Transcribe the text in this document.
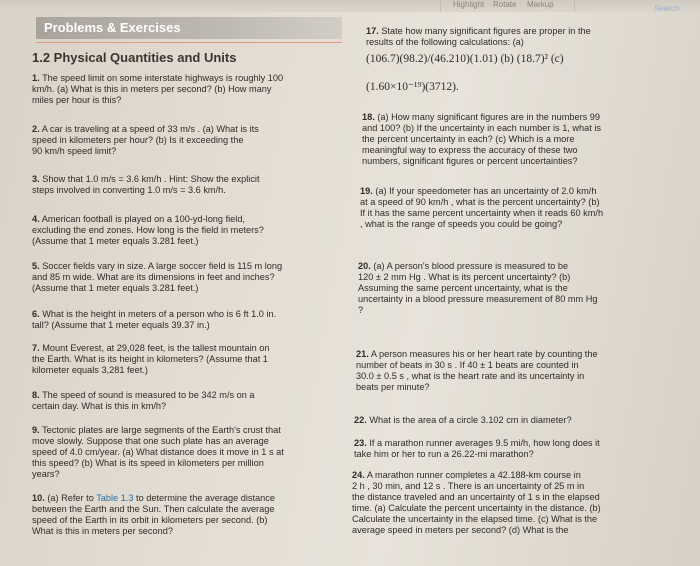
Highlight Rotate Markup	Search
Problems & Exercises
1.2 Physical Quantities and Units
1. The speed limit on some interstate highways is roughly 100
km/h. (a) What is this in meters per second? (b) How many
miles per hour is this?
2. A car is traveling at a speed of 33 m/s . (a) What is its
speed in kilometers per hour? (b) Is it exceeding the
90 km/h speed limit?
3. Show that 1.0 m/s = 3.6 km/h . Hint: Show the explicit
steps involved in converting 1.0 m/s = 3.6 km/h.
4. American football is played on a 100-yd-long field,
excluding the end zones. How long is the field in meters?
(Assume that 1 meter equals 3.281 feet.)
5. Soccer fields vary in size. A large soccer field is 115 m long
and 85 m wide. What are its dimensions in feet and inches?
(Assume that 1 meter equals 3.281 feet.)
6. What is the height in meters of a person who is 6 ft 1.0 in.
tall? (Assume that 1 meter equals 39.37 in.)
7. Mount Everest, at 29,028 feet, is the tallest mountain on
the Earth. What is its height in kilometers? (Assume that 1
kilometer equals 3,281 feet.)
8. The speed of sound is measured to be 342 m/s on a
certain day. What is this in km/h?
9. Tectonic plates are large segments of the Earth's crust that
move slowly. Suppose that one such plate has an average
speed of 4.0 cm/year. (a) What distance does it move in 1 s at
this speed? (b) What is its speed in kilometers per million
years?
10. (a) Refer to Table 1.3 to determine the average distance
between the Earth and the Sun. Then calculate the average
speed of the Earth in its orbit in kilometers per second. (b)
What is this in meters per second?
17. State how many significant figures are proper in the
results of the following calculations: (a)
(106.7)(98.2)/(46.210)(1.01) (b) (18.7)² (c)
(1.60×10⁻¹⁹)(3712).
18. (a) How many significant figures are in the numbers 99
and 100? (b) If the uncertainty in each number is 1, what is
the percent uncertainty in each? (c) Which is a more
meaningful way to express the accuracy of these two
numbers, significant figures or percent uncertainties?
19. (a) If your speedometer has an uncertainty of 2.0 km/h
at a speed of 90 km/h , what is the percent uncertainty? (b)
If it has the same percent uncertainty when it reads 60 km/h
, what is the range of speeds you could be going?
20. (a) A person's blood pressure is measured to be
120 ± 2 mm Hg . What is its percent uncertainty? (b)
Assuming the same percent uncertainty, what is the
uncertainty in a blood pressure measurement of 80 mm Hg
?
21. A person measures his or her heart rate by counting the
number of beats in 30 s . If 40 ± 1 beats are counted in
30.0 ± 0.5 s , what is the heart rate and its uncertainty in
beats per minute?
22. What is the area of a circle 3.102 cm in diameter?
23. If a marathon runner averages 9.5 mi/h, how long does it
take him or her to run a 26.22-mi marathon?
24. A marathon runner completes a 42.188-km course in
2 h , 30 min, and 12 s . There is an uncertainty of 25 m in
the distance traveled and an uncertainty of 1 s in the elapsed
time. (a) Calculate the percent uncertainty in the distance. (b)
Calculate the uncertainty in the elapsed time. (c) What is the
average speed in meters per second? (d) What is the
